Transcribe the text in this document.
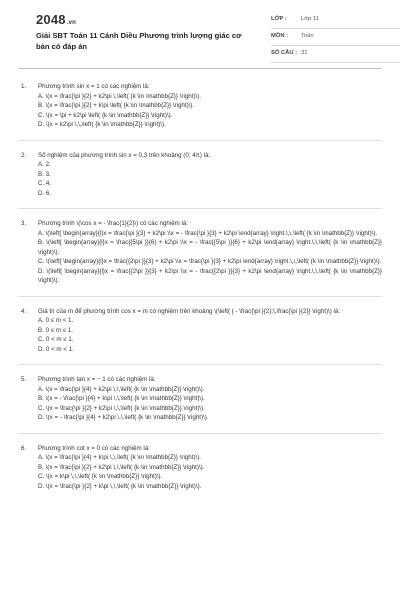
2048.vn
Giải SBT Toán 11 Cánh Diều Phương trình lượng giác cơ bản có đáp án
LỚP : Lớp 11
MÔN : Toán
SỐ CÂU : 31
1. Phương trình sin x = 1 có các nghiệm là:

A. \(x = \frac{\pi }{2} + k2\pi \,\left( {k \in \mathbb{Z}} \right)\).

B. \(x = \frac{\pi }{2} + k\pi \left( {k \in \mathbb{Z}} \right)\).

C. \(x = \pi + k2\pi \left( {k \in \mathbb{Z}} \right)\).

D. \(x = k2\pi \,\,\left( {k \in \mathbb{Z}} \right)\).

2. Số nghiệm của phương trình sin x = 0,3 trên khoảng (0; 4π) là:

A. 2.

B. 3.

C. 4.

D. 6.

3. Phương trình \(\cos x = - \frac{1}{2}\) có các nghiệm là:

A. \(\left[ \begin{array}{l}x = \frac{\pi }{3} + k2\pi \\x = - \frac{\pi }{3} + k2\pi \end{array} \right.\,\,\left( {k \in \mathbb{Z}} \right)\).

B. \(\left[ \begin{array}{l}x = \frac{{5\pi }}{6} + k2\pi \\x = - \frac{{5\pi }}{6} + k2\pi \end{array} \right.\,\,\left( {k \in \mathbb{Z}} \right)\).

C. \(\left[ \begin{array}{l}x = \frac{{2\pi }}{3} + k2\pi \\x = \frac{\pi }{3} + k2\pi \end{array} \right.\,\,\left( {k \in \mathbb{Z}} \right)\).

D. \(\left[ \begin{array}{l}x = \frac{{2\pi }}{3} + k2\pi \\x = - \frac{{2\pi }}{3} + k2\pi \end{array} \right.\,\,\left( {k \in \mathbb{Z}} \right)\).

4. Giá trị của m để phương trình cos x = m có nghiệm trên khoảng \(\left( { - \frac{\pi }{2};\,\frac{\pi }{2}} \right)\) là:

A. 0 ≤ m < 1.

B. 0 ≤ m ≤ 1.

C. 0 < m ≤ 1.

D. 0 < m < 1.

5. Phương trình tan x = − 1 có các nghiệm là:

A. \(x = \frac{\pi }{4} + k2\pi \,\,\left( {k \in \mathbb{Z}} \right)\).

B. \(x = - \frac{\pi }{4} + k\pi \,\,\left( {k \in \mathbb{Z}} \right)\).

C. \(x = \frac{\pi }{2} + k2\pi \,\,\left( {k \in \mathbb{Z}} \right)\).

D. \(x = - \frac{\pi }{4} + k2\pi \,\,\left( {k \in \mathbb{Z}} \right)\).

6. Phương trình cot x = 0 có các nghiệm là:

A. \(x = \frac{\pi }{4} + k\pi \,\,\left( {k \in \mathbb{Z}} \right)\).

B. \(x = \frac{\pi }{2} + k2\pi \,\,\left( {k \in \mathbb{Z}} \right)\).

C. \(x = k\pi \,\,\left( {k \in \mathbb{Z}} \right)\).

D. \(x = \frac{\pi }{2} + k\pi \,\,\left( {k \in \mathbb{Z}} \right)\).
